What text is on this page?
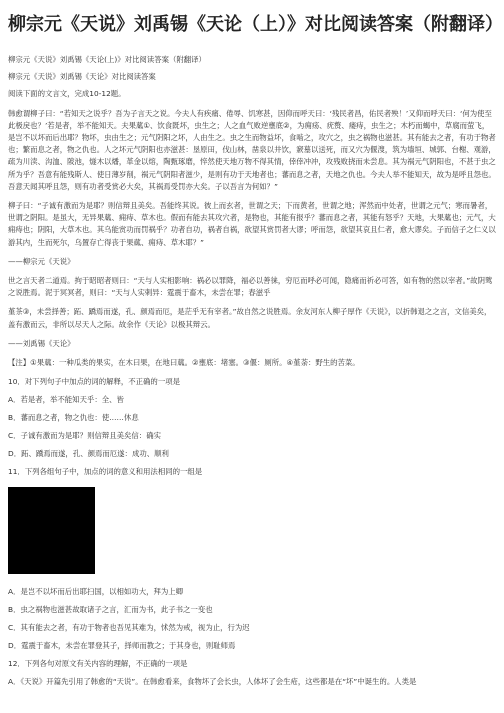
柳宗元《天说》刘禹锡《天论（上）》对比阅读答案（附翻译）
柳宗元《天说》刘禹锡《天论(上)》对比阅读答案（附翻译）
柳宗元《天说》刘禹锡《天论》对比阅读答案
阅读下面的文言文，完成10-12题。
韩愈谓柳子曰：“若知天之说乎？吾为子言天之说。今夫人有疾痛、倦辱、饥寒甚，因仰而呼天曰：‘残民者昌，佑民者殃！’又仰而呼天曰：‘何为使至此极戾也？’若是者，举不能知天。夫果蓏①、饮食既坏，虫生之；人之血气败逆壅底②，为痈疡、疣赘、瘘痔，虫生之；木朽而蝎中，草腐而萤飞，是岂不以坏而后出耶？物坏，虫由生之；元气阴阳之坏，人由生之。虫之生而物益坏，食啮之，攻穴之，虫之祸物也滋甚。其有能去之者，有功于物者也；繁而息之者，物之仇也。人之坏元气阴阳也亦滋甚：垦原田，伐山林，凿泉以井饮，窾墓以送死，而又穴为偃溲，筑为墙垣、城郭、台榭、观游，疏为川渎、沟洫、陂池，燧木以燔，革金以熔，陶甄琢磨，悴然使天地万物不得其情，倖倖冲冲，攻残败挠而未尝息。其为祸元气阴阳也，不甚于虫之所为乎？吾意有能残斯人、使日薄岁削，祸元气阴阳者滋少，是则有功于天地者也；蕃而息之者，天地之仇也。今夫人举不能知天，故为是呼且怨也。吾意天闻其呼且怨，则有功者受赏必大矣，其祸焉受罚亦大矣。子以吾言为何如？”
柳子曰：“子诚有激而为是耶？则信辩且美矣。吾能终其说。彼上而玄者，世谓之天；下而黄者，世谓之地；浑然而中处者，世谓之元气；寒而暑者，世谓之阴阳。是虽大，无异果蓏、痈痔、草木也。假而有能去其攻穴者，是物也，其能有报乎？蕃而息之者，其能有怒乎？天地，大果蓏也；元气，大痈痔也；阴阳，大草木也。其乌能赏功而罚祸乎？功者自功，祸者自祸，欲望其赏罚者大谬；呼而怨，欲望其哀且仁者，愈大谬矣。子而信子之仁义以游其内，生而死尔，乌置存亡得丧于果蓏、痈痔、草木耶？”
——柳宗元《天说》
世之言天者二道焉。拘于昭昭者则曰：“天与人实相影响：祸必以罪降，福必以善徕，穷厄而呼必可闻，隐痛而祈必可答，如有物的然以宰者。”故阴骘之说胜焉。泥于冥冥者，则曰：“天与人实剌异：霆震于畜木，未尝在罪；春滋乎
堇茶③，未尝择善；跖、蹻焉而遂，孔、颜焉而厄，是茫乎无有宰者。”故自然之说胜焉。余友河东人柳子厚作《天说》，以折韩退之之言，文信美矣，盖有激而云，非所以尽天人之际。故余作《天论》以极其辩云。
——刘禹锡《天论》
【注】①果蓏：一种瓜类的果实，在木曰果，在地曰蓏。②壅底：堵塞。③偃：厕所。④堇荼：野生的苦菜。
10．对下列句子中加点的词的解释，不正确的一项是
A．若是者，举不能知天乎：全、皆
B．蕃而息之者，物之仇也：使……休息
C．子诚有激而为是耶？则信辩且美矣信：确实
D．跖、蹻焉而遂，孔、颜焉而厄遂：成功、顺利
11．下列各组句子中，加点的词的意义和用法相同的一组是
A．是岂不以坏而后出耶扫国，以相如功大，拜为上卿
B．虫之祸物也滋甚故取诸子之言，汇而为书，此子书之一变也
C．其有能去之者，有功于物者也吾见其难为，怵然为戒，视为止，行为迟
D．霆震于畜木，未尝在罪登其子，择师而教之；于其身也，则耻师焉
12．下列各句对原文有关内容的理解，不正确的一项是
A．《天说》开篇先引用了韩愈的“天说”。在韩愈看来，食物坏了会长虫，人体坏了会生疮，这些都是在“坏”中诞生的。人类是
